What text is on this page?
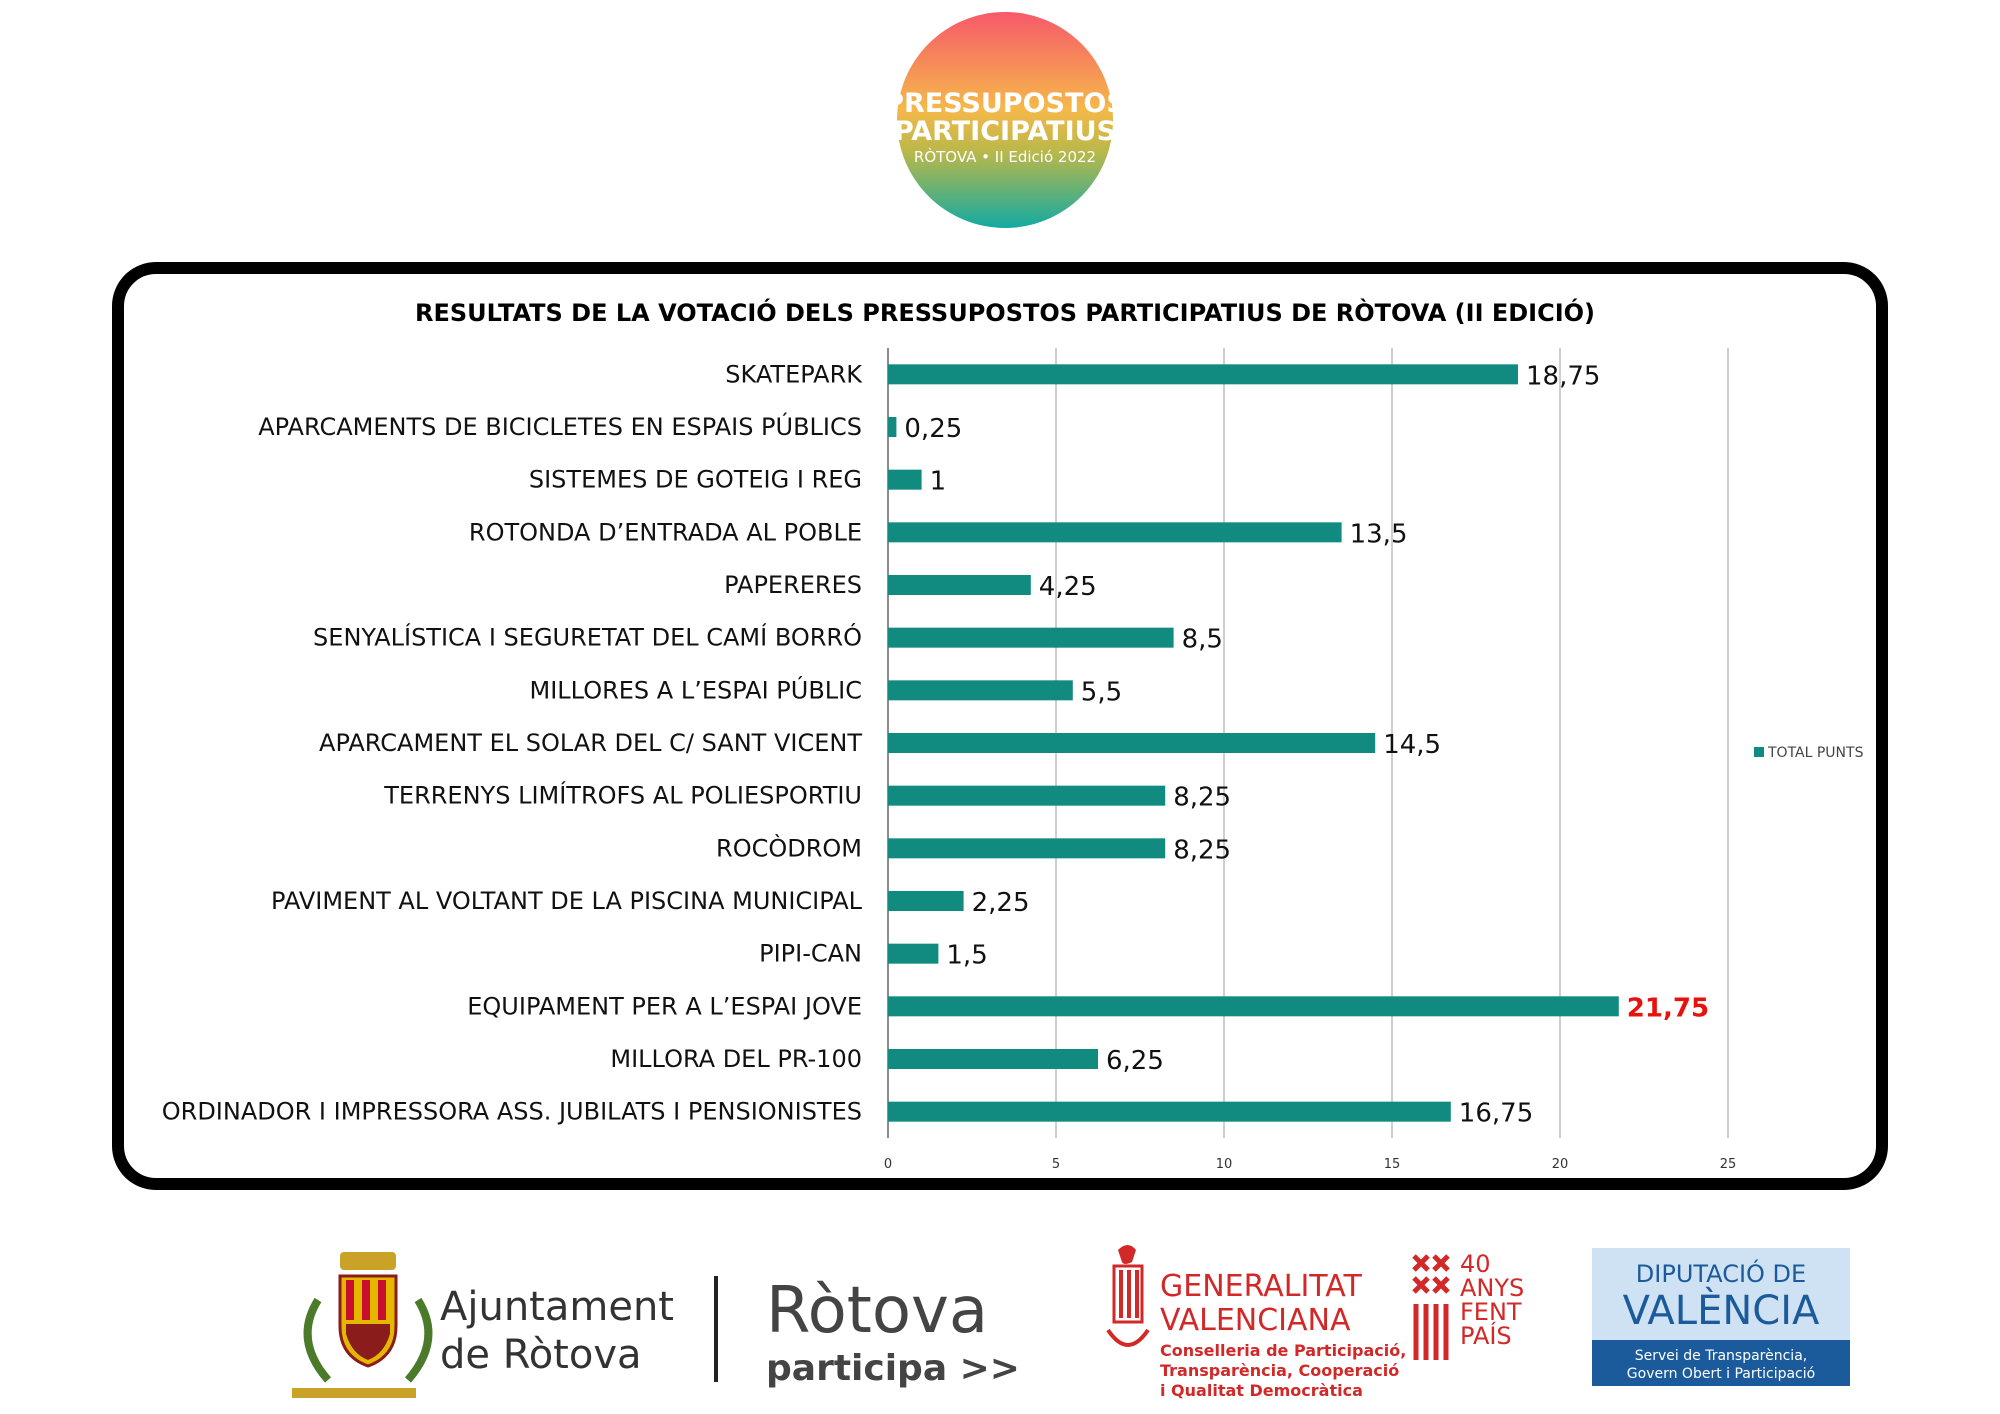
PRESSUPOSTOS
PARTICIPATIUS
RÒTOVA • II Edició 2022
RESULTATS DE LA VOTACIÓ DELS PRESSUPOSTOS PARTICIPATIUS DE RÒTOVA (II EDICIÓ)
SKATEPARK	18,75
APARCAMENTS DE BICICLETES EN ESPAIS PÚBLICS 0,25
SISTEMES DE GOTEIG I REG	1
ROTONDA D’ENTRADA AL POBLE	13,5
PAPERERES	4,25
SENYALÍSTICA I SEGURETAT DEL CAMÍ BORRÓ	8,5
MILLORES A L’ESPAI PÚBLIC	5,5
APARCAMENT EL SOLAR DEL C/ SANT VICENT	14,5
TERRENYS LIMÍTROFS AL POLIESPORTIU	8,25
ROCÒDROM	8,25
PAVIMENT AL VOLTANT DE LA PISCINA MUNICIPAL	2,25
PIPI-CAN	1,5
EQUIPAMENT PER A L’ESPAI JOVE	21,75
MILLORA DEL PR-100	6,25
ORDINADOR I IMPRESSORA ASS. JUBILATS I PENSIONISTES	16,75
0	5	10	15	20	25
TOTAL PUNTS
Ajuntament
de Ròtova
Ròtova
participa >>
GENERALITAT
VALENCIANA
Conselleria de Participació,
Transparència, Cooperació
i Qualitat Democràtica
40
ANYS
FENT
PAÍS
DIPUTACIÓ DE
VALÈNCIA
Servei de Transparència,
Govern Obert i Participació
